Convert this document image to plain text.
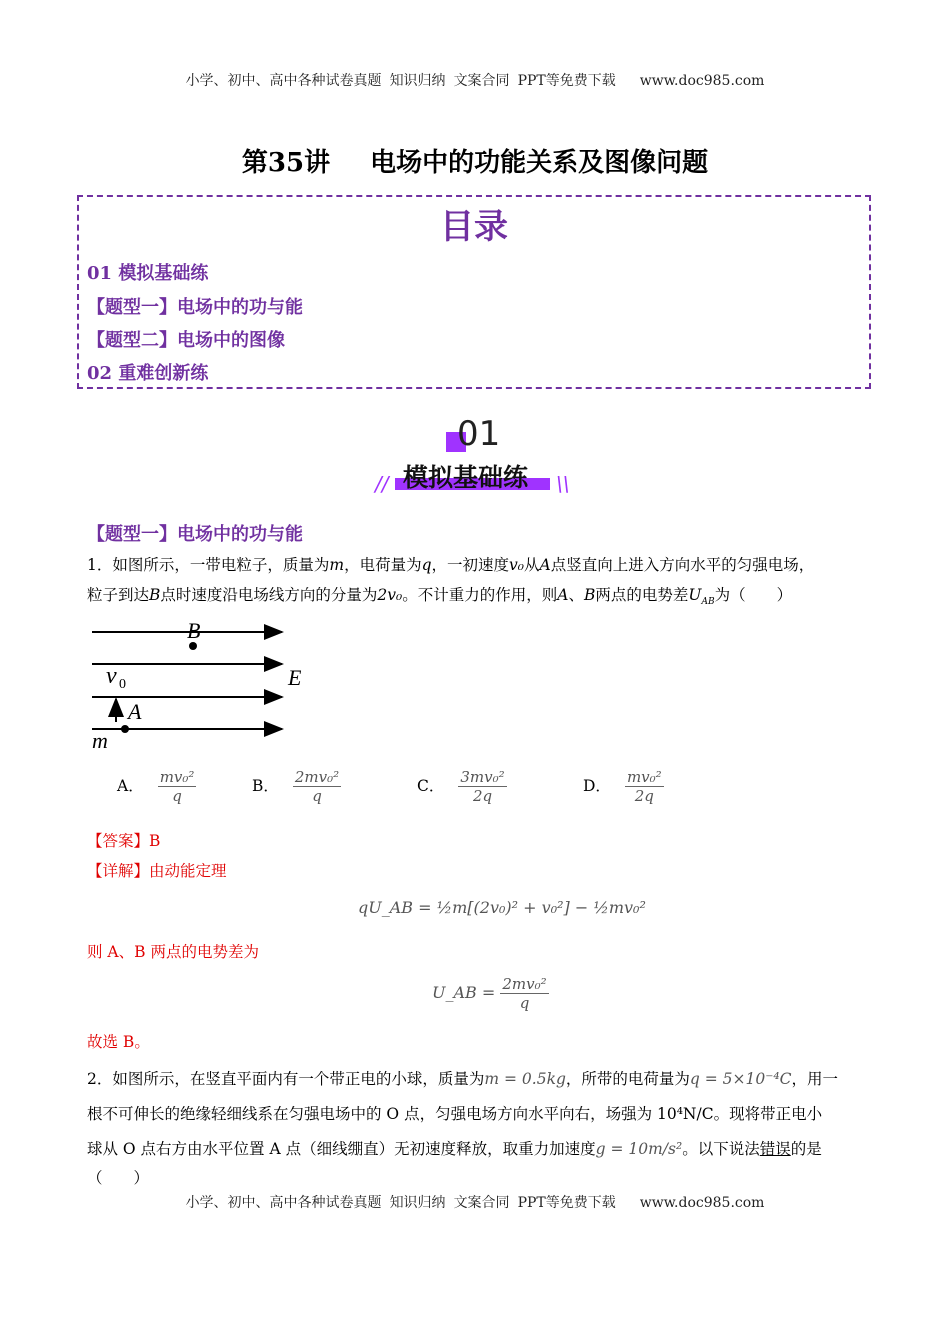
小学、初中、高中各种试卷真题 知识归纳 文案合同 PPT等免费下载 www.doc985.com
第35讲 电场中的功能关系及图像问题
目录
01 模拟基础练
【题型一】电场中的功与能
【题型二】电场中的图像
02 重难创新练
01
模拟基础练
//	\\
【题型一】电场中的功与能
1．如图所示，一带电粒子，质量为m，电荷量为q，一初速度v₀从A点竖直向上进入方向水平的匀强电场，
粒子到达B点时速度沿电场线方向的分量为2v₀。不计重力的作用，则A、B两点的电势差$U_{AB}$为（　　）
B
v 0	E
A
m
A． $\frac{\text{mv₀²}}{q}$	B． $\frac{\text{2mv₀²}}{q}$	C． $\frac{\text{3mv₀²}}{2q}$	D． $\frac{\text{mv₀²}}{2q}$
【答案】B
【详解】由动能定理
qU_AB = ½m[(2v₀)² + v₀²] − ½mv₀²
则 A、B 两点的电势差为
U_AB = $\frac{\text{2mv₀²}}{q}$
故选 B。
2．如图所示，在竖直平面内有一个带正电的小球，质量为m = 0.5kg，所带的电荷量为q = 5×10⁻⁴C，用一
根不可伸长的绝缘轻细线系在匀强电场中的 O 点，匀强电场方向水平向右，场强为 10⁴N/C。现将带正电小
球从 O 点右方由水平位置 A 点（细线绷直）无初速度释放，取重力加速度g = 10m/s²。以下说法错误的是
（　　）
小学、初中、高中各种试卷真题 知识归纳 文案合同 PPT等免费下载 www.doc985.com
